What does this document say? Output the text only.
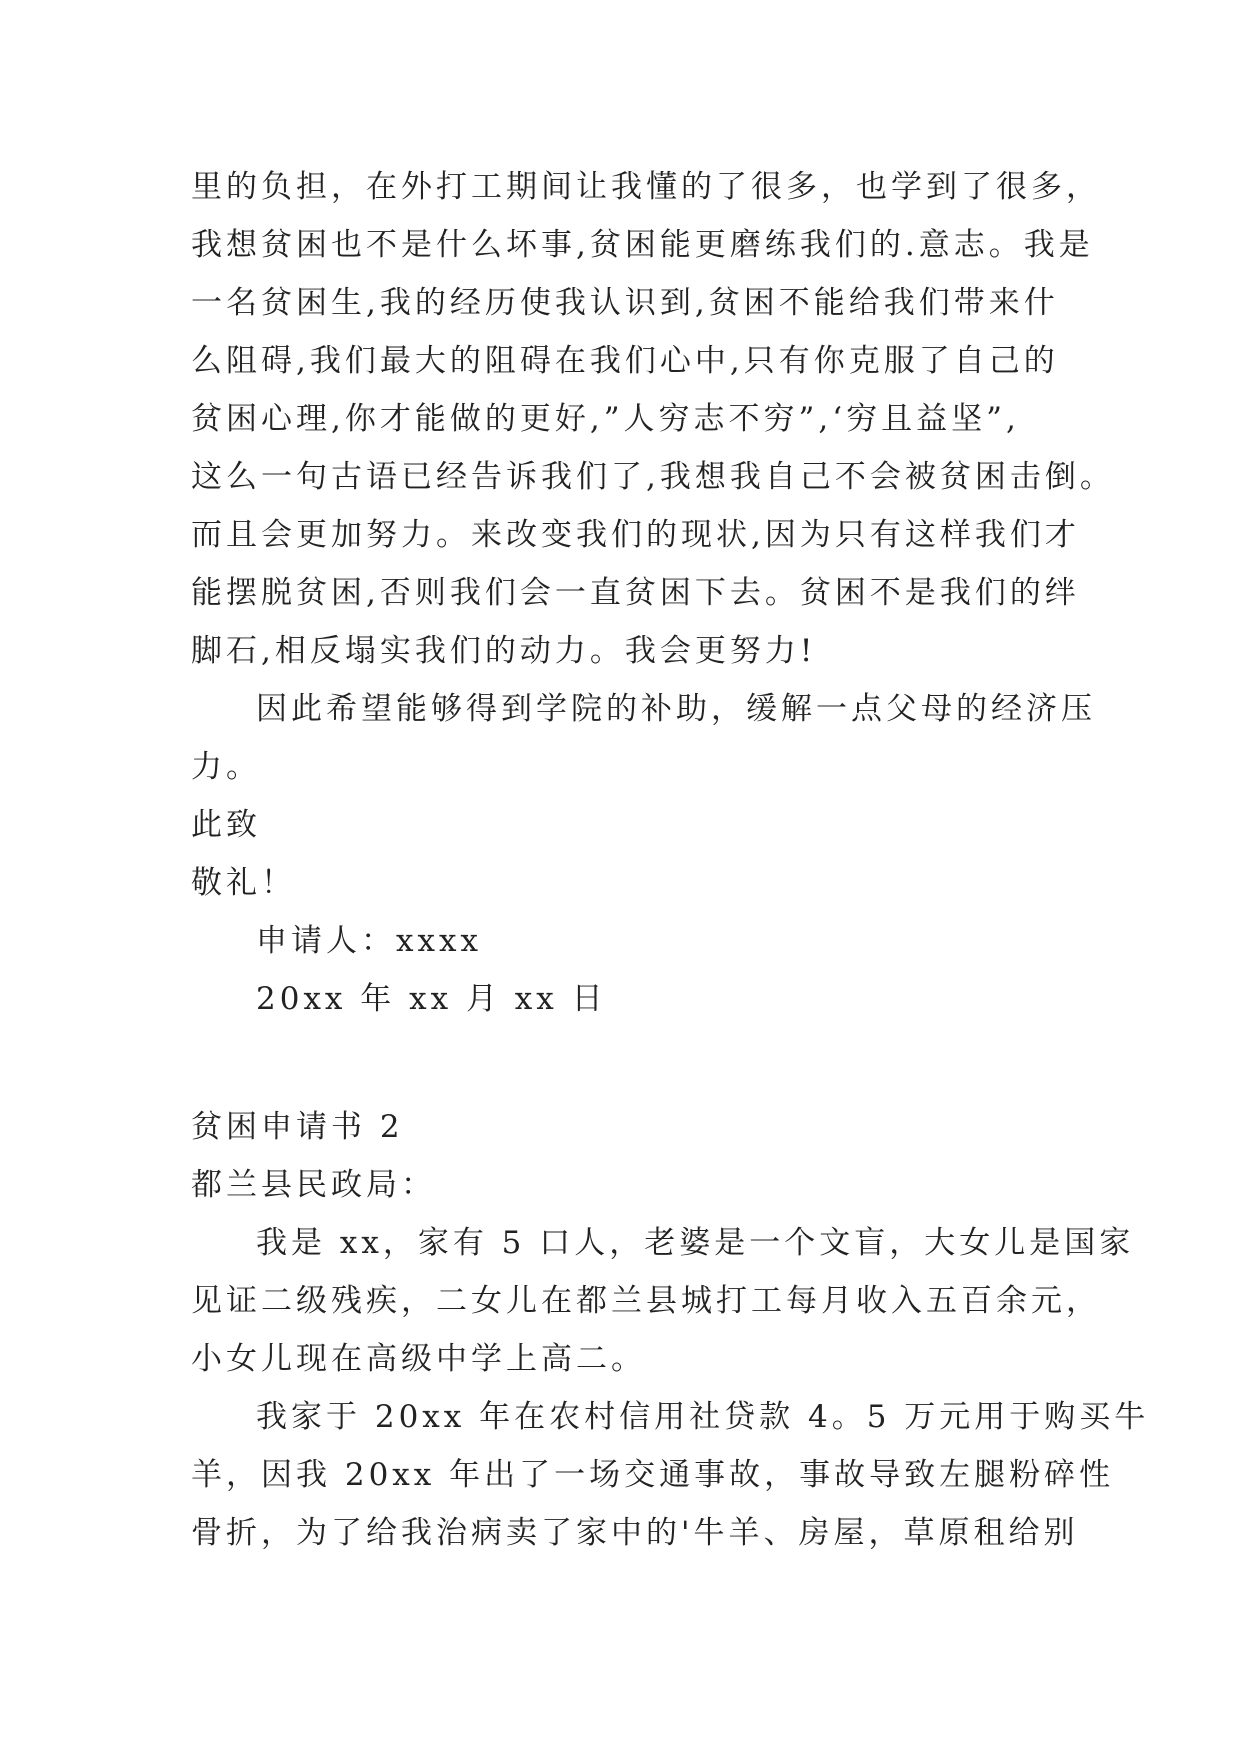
里的负担，在外打工期间让我懂的了很多，也学到了很多，
我想贫困也不是什么坏事,贫困能更磨练我们的.意志。我是
一名贫困生,我的经历使我认识到,贫困不能给我们带来什
么阻碍,我们最大的阻碍在我们心中,只有你克服了自己的
贫困心理,你才能做的更好,”人穷志不穷”,‘穷且益坚”,
这么一句古语已经告诉我们了,我想我自己不会被贫困击倒。
而且会更加努力。来改变我们的现状,因为只有这样我们才
能摆脱贫困,否则我们会一直贫困下去。贫困不是我们的绊
脚石,相反塌实我们的动力。我会更努力!
因此希望能够得到学院的补助，缓解一点父母的经济压
力。
此致
敬礼！
申请人：xxxx
20xx 年 xx 月 xx 日
贫困申请书 2
都兰县民政局：
我是 xx，家有 5 口人，老婆是一个文盲，大女儿是国家
见证二级残疾，二女儿在都兰县城打工每月收入五百余元，
小女儿现在高级中学上高二。
我家于 20xx 年在农村信用社贷款 4。5 万元用于购买牛
羊，因我 20xx 年出了一场交通事故，事故导致左腿粉碎性
骨折，为了给我治病卖了家中的'牛羊、房屋，草原租给别
